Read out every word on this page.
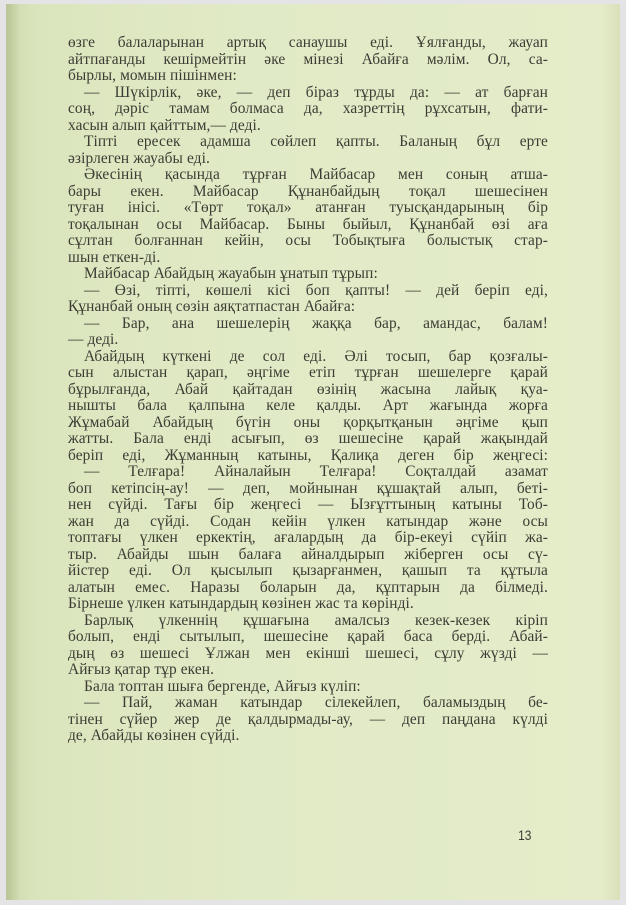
өзге балаларынан артық санаушы еді. Ұялғанды, жауап
айтпағанды кешірмейтін әке мінезі Абайға мәлім. Ол, са-
бырлы, момын пішінмен:
— Шүкірлік, әке, — деп біраз тұрды да: — ат барған
соң, дәріс тамам болмаса да, хазреттің рұхсатын, фати-
хасын алып қайттым,— деді.
Тіпті ересек адамша сөйлеп қапты. Баланың бұл ерте
әзірлеген жауабы еді.
Әкесінің қасында тұрған Майбасар мен соның атша-
бары екен. Майбасар Құнанбайдың тоқал шешесінен
туған інісі. «Төрт тоқал» атанған туысқандарының бір
тоқалынан осы Майбасар. Быны быйыл, Құнанбай өзі аға
сұлтан болғаннан кейін, осы Тобықтыға болыстық стар-
шын еткен-ді.
Майбасар Абайдың жауабын ұнатып тұрып:
— Өзі, тіпті, көшелі кісі боп қапты! — дей беріп еді,
Құнанбай оның сөзін аяқтатпастан Абайға:
— Бар, ана шешелерің жаққа бар, амандас, балам!
— деді.
Абайдың күткені де сол еді. Әлі тосып, бар қозғалы-
сын алыстан қарап, әңгіме етіп тұрған шешелерге қарай
бұрылғанда, Абай қайтадан өзінің жасына лайық қуа-
нышты бала қалпына келе қалды. Арт жағында жорға
Жұмабай Абайдың бүгін оны қорқытқанын әңгіме қып
жатты. Бала енді асығып, өз шешесіне қарай жақындай
беріп еді, Жұманның катыны, Қалиқа деген бір жеңгесі:
— Телғара! Айналайын Телғара! Соқталдай азамат
боп кетіпсің-ау! — деп, мойнынан құшақтай алып, беті-
нен сүйді. Тағы бір жеңгесі — Ызғұттының катыны Тоб-
жан да сүйді. Содан кейін үлкен катындар және осы
топтағы үлкен еркектің, ағалардың да бір-екеуі сүйіп жа-
тыр. Абайды шын балаға айналдырып жіберген осы сү-
йістер еді. Ол қысылып қызарғанмен, қашып та құтыла
алатын емес. Наразы боларын да, құптарын да білмеді.
Бірнеше үлкен катындардың көзінен жас та көрінді.
Барлық үлкеннің құшағына амалсыз кезек-кезек кіріп
болып, енді сытылып, шешесіне қарай баса берді. Абай-
дың өз шешесі Ұлжан мен екінші шешесі, сұлу жүзді —
Айғыз қатар тұр екен.
Бала топтан шыға бергенде, Айғыз күліп:
— Пай, жаман катындар сілекейлеп, баламыздың бе-
тінен сүйер жер де қалдырмады-ау, — деп паңдана күлді
де, Абайды көзінен сүйді.
13
